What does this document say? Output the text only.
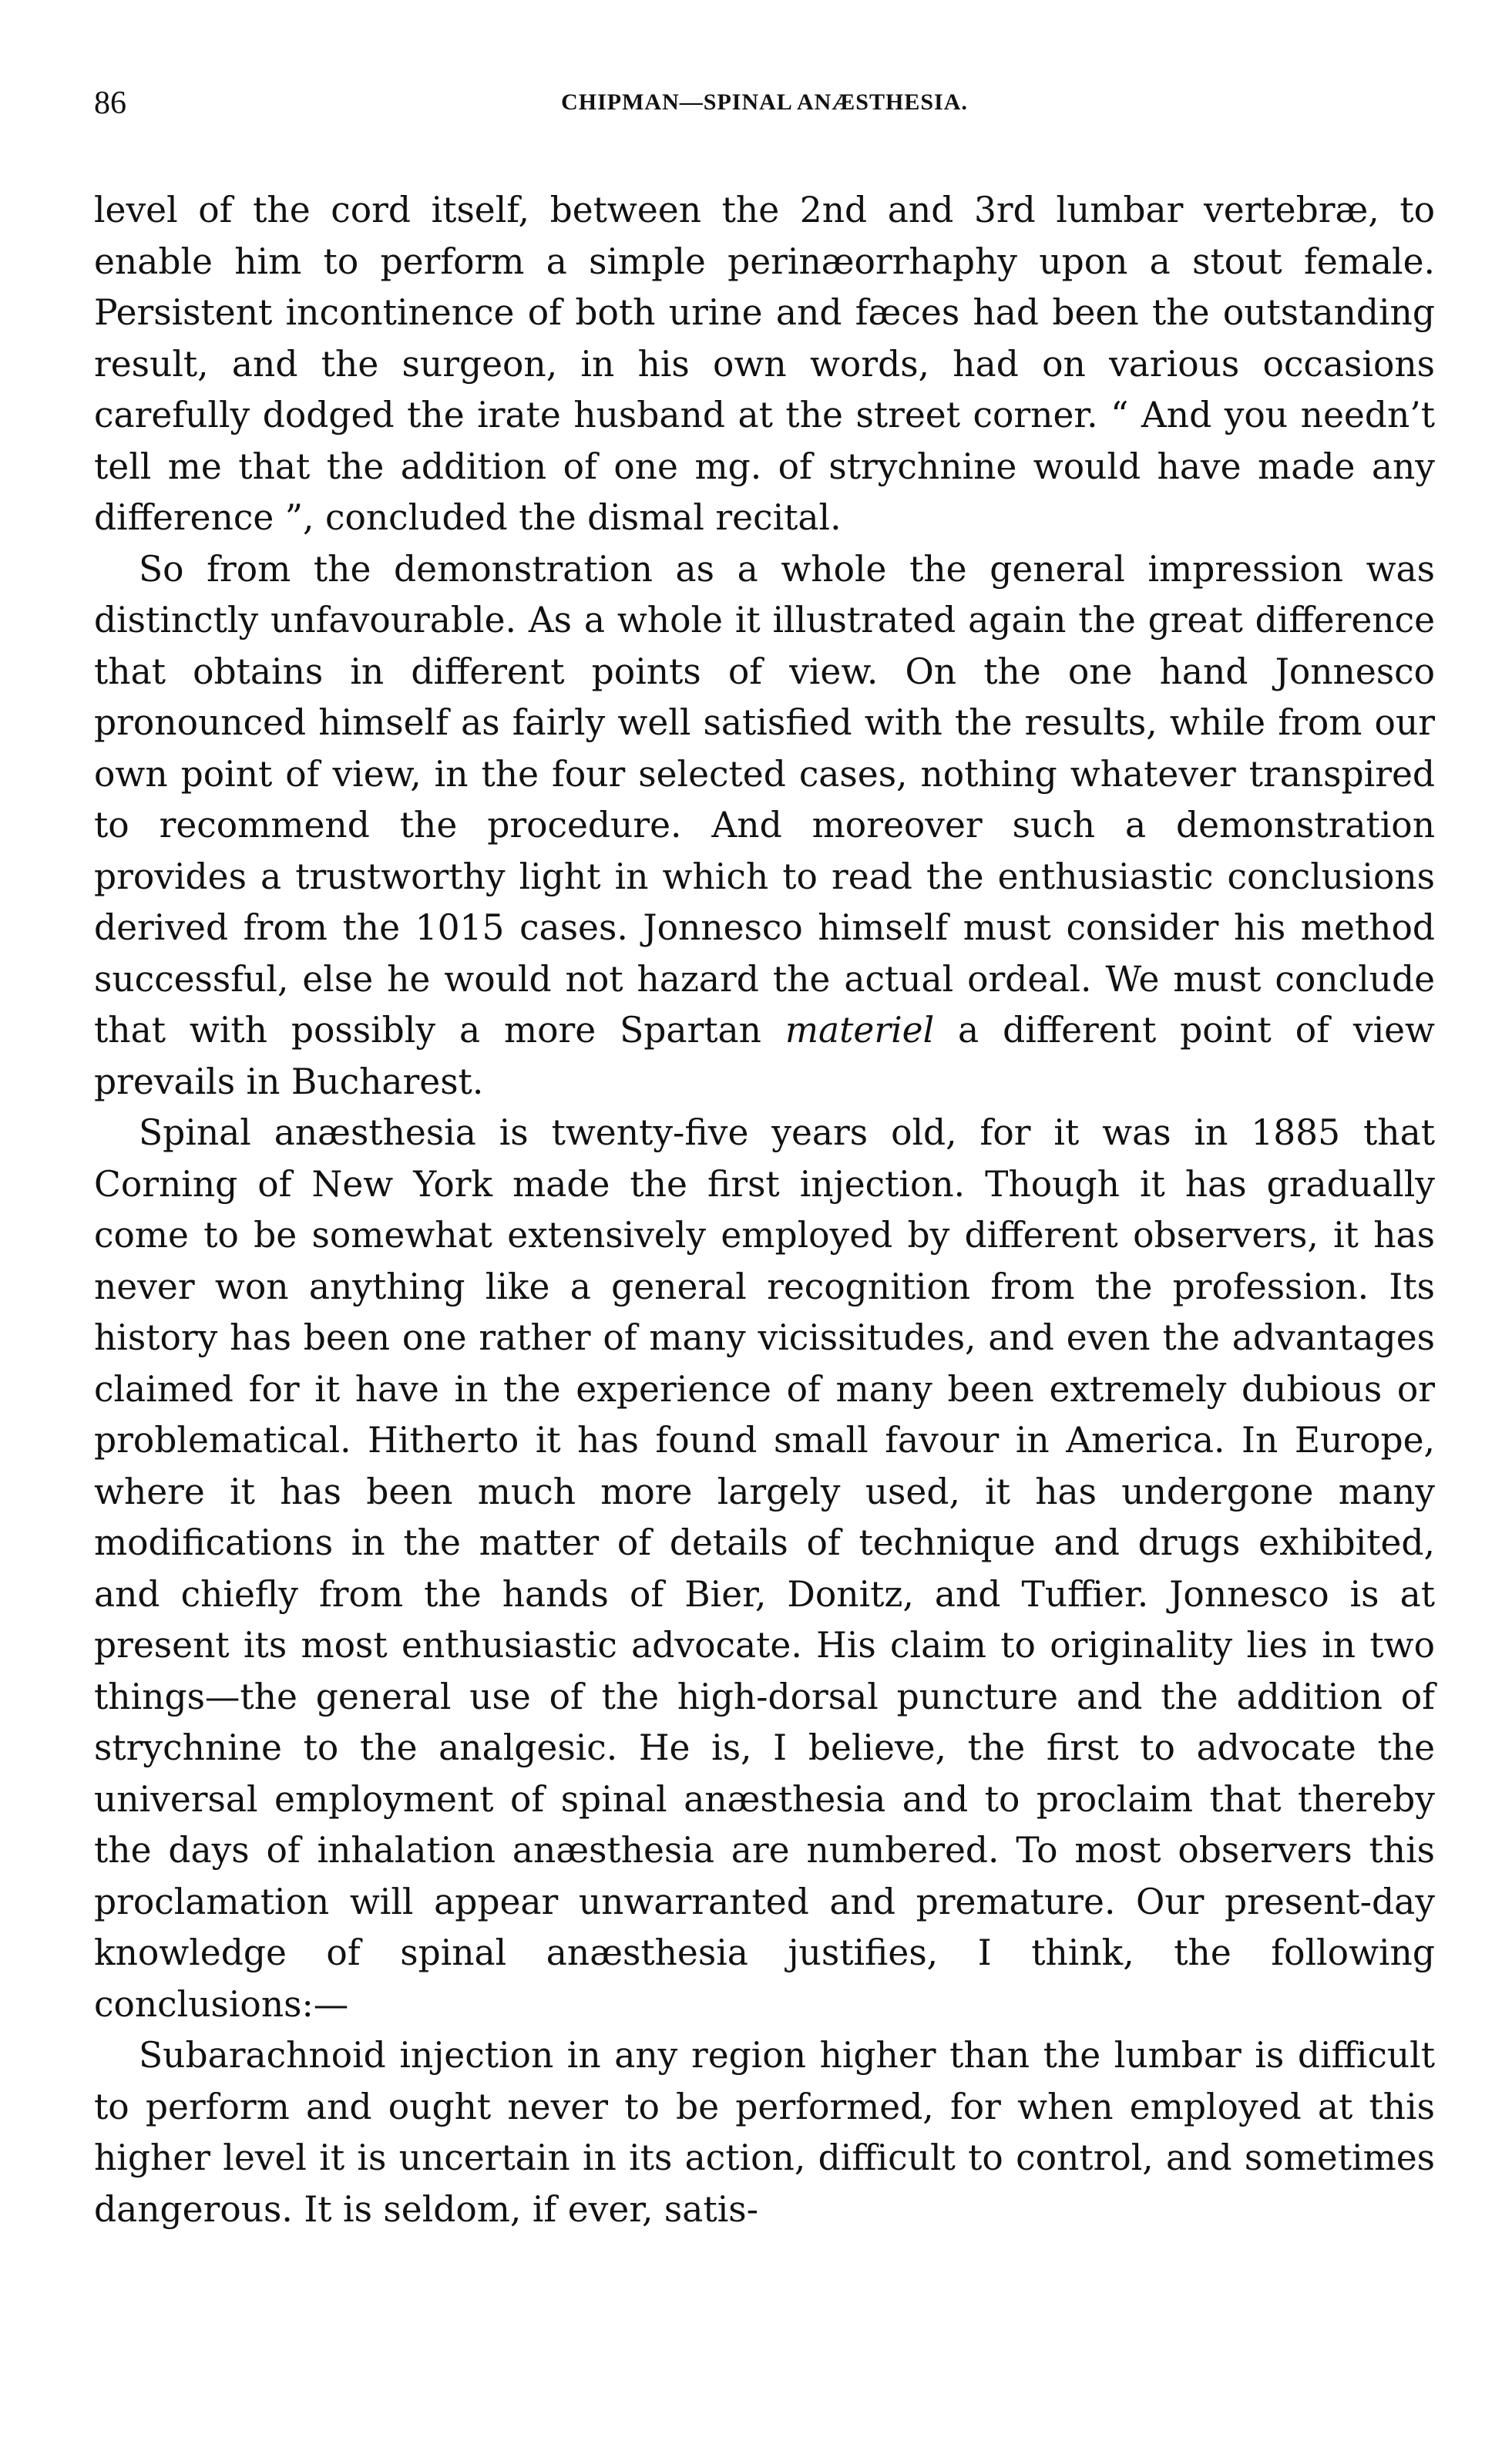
86	CHIPMAN—SPINAL ANÆSTHESIA.

level of the cord itself, between the 2nd and 3rd lumbar vertebræ, to enable him to perform a simple perinæorrhaphy upon a stout female. Persistent incontinence of both urine and fæces had been the outstanding result, and the surgeon, in his own words, had on various occasions carefully dodged the irate husband at the street corner. “ And you needn’t tell me that the addition of one mg. of strychnine would have made any difference ”, concluded the dismal recital.

So from the demonstration as a whole the general impression was distinctly unfavourable. As a whole it illustrated again the great difference that obtains in different points of view. On the one hand Jonnesco pronounced himself as fairly well satisfied with the results, while from our own point of view, in the four selected cases, nothing whatever transpired to recommend the procedure. And moreover such a demonstration provides a trustworthy light in which to read the enthusiastic conclusions derived from the 1015 cases. Jonnesco himself must consider his method successful, else he would not hazard the actual ordeal. We must conclude that with possibly a more Spartan materiel a different point of view prevails in Bucharest.

Spinal anæsthesia is twenty-five years old, for it was in 1885 that Corning of New York made the first injection. Though it has gradually come to be somewhat extensively employed by different observers, it has never won anything like a general recognition from the profession. Its history has been one rather of many vicissitudes, and even the advantages claimed for it have in the experience of many been extremely dubious or problematical. Hitherto it has found small favour in America. In Europe, where it has been much more largely used, it has undergone many modifications in the matter of details of technique and drugs exhibited, and chiefly from the hands of Bier, Donitz, and Tuffier. Jonnesco is at present its most enthusiastic advocate. His claim to originality lies in two things—the general use of the high-dorsal puncture and the addition of strychnine to the analgesic. He is, I believe, the first to advocate the universal employment of spinal anæsthesia and to proclaim that thereby the days of inhalation anæsthesia are numbered. To most observers this proclamation will appear unwarranted and premature. Our present-day knowledge of spinal anæsthesia justifies, I think, the following conclusions:—

Subarachnoid injection in any region higher than the lumbar is difficult to perform and ought never to be performed, for when employed at this higher level it is uncertain in its action, difficult to control, and sometimes dangerous. It is seldom, if ever, satis-
